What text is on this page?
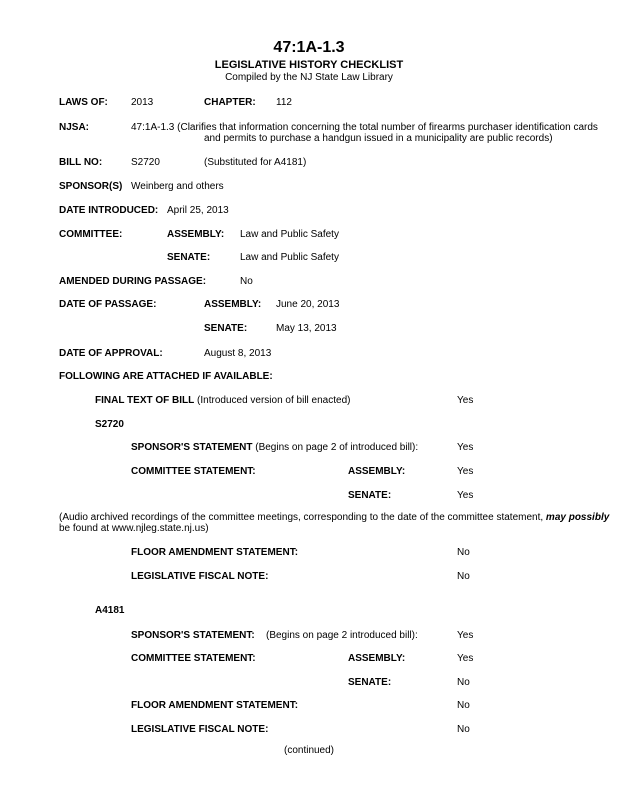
47:1A-1.3
LEGISLATIVE HISTORY CHECKLIST
Compiled by the NJ State Law Library
LAWS OF: 2013	CHAPTER: 112
NJSA:	47:1A-1.3 (Clarifies that information concerning the total number of firearms purchaser identification cards
and permits to purchase a handgun issued in a municipality are public records)
BILL NO:	S2720	(Substituted for A4181)
SPONSOR(S) Weinberg and others
DATE INTRODUCED: April 25, 2013
COMMITTEE:	ASSEMBLY: Law and Public Safety
SENATE:	Law and Public Safety
AMENDED DURING PASSAGE:	No
DATE OF PASSAGE:	ASSEMBLY: June 20, 2013
SENATE:	May 13, 2013
DATE OF APPROVAL:	August 8, 2013
FOLLOWING ARE ATTACHED IF AVAILABLE:
FINAL TEXT OF BILL (Introduced version of bill enacted)	Yes
S2720
SPONSOR'S STATEMENT (Begins on page 2 of introduced bill):	Yes
COMMITTEE STATEMENT:	ASSEMBLY:	Yes
SENATE:	Yes
(Audio archived recordings of the committee meetings, corresponding to the date of the committee statement, may possibly
be found at www.njleg.state.nj.us)
FLOOR AMENDMENT STATEMENT:	No
LEGISLATIVE FISCAL NOTE:	No
A4181
SPONSOR'S STATEMENT: (Begins on page 2 introduced bill):	Yes
COMMITTEE STATEMENT:	ASSEMBLY:	Yes
SENATE:	No
FLOOR AMENDMENT STATEMENT:	No
LEGISLATIVE FISCAL NOTE:	No
(continued)
